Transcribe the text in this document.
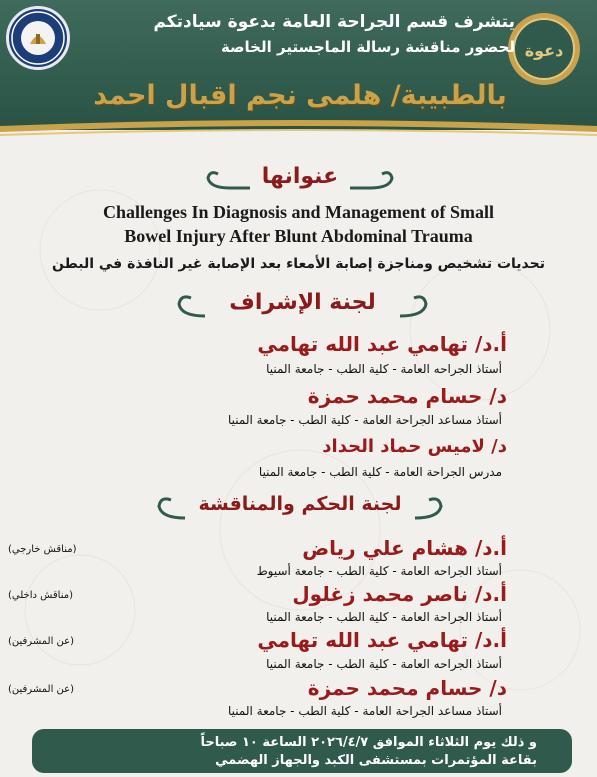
دعوة
يتشرف قسم الجراحة العامة بدعوة سيادتكم
لحضور مناقشة رسالة الماجستير الخاصة
بالطبيبة/ هلمى نجم اقبال احمد
عنوانها
Challenges In Diagnosis and Management of Small
Bowel Injury After Blunt Abdominal Trauma
تحديات تشخيص ومناجزة إصابة الأمعاء بعد الإصابة غير النافذة في البطن
لجنة الإشراف
أ.د/ تهامي عبد الله تهامي
أستاذ الجراحه العامة - كلية الطب - جامعة المنيا
د/ حسام محمد حمزة
أستاذ مساعد الجراحة العامة - كلية الطب - جامعة المنيا
د/ لاميس حماد الحداد
مدرس الجراحة العامة - كلية الطب - جامعة المنيا
لجنة الحكم والمناقشة
أ.د/ هشام علي رياض
(مناقش خارجي)
أستاذ الجراحه العامة - كلية الطب - جامعة أسيوط
أ.د/ ناصر محمد زغلول
(مناقش داخلي)
أستاذ الجراحة العامة - كلية الطب - جامعة المنيا
أ.د/ تهامي عبد الله تهامي
(عن المشرفين)
أستاذ الجراحه العامة - كلية الطب - جامعة المنيا
د/ حسام محمد حمزة
(عن المشرفين)
أستاذ مساعد الجراحة العامة - كلية الطب - جامعة المنيا
و ذلك يوم الثلاثاء الموافق ٢٠٢٦/٤/٧ الساعة ١٠ صباحاً
بقاعة المؤتمرات بمستشفى الكبد والجهاز الهضمي
